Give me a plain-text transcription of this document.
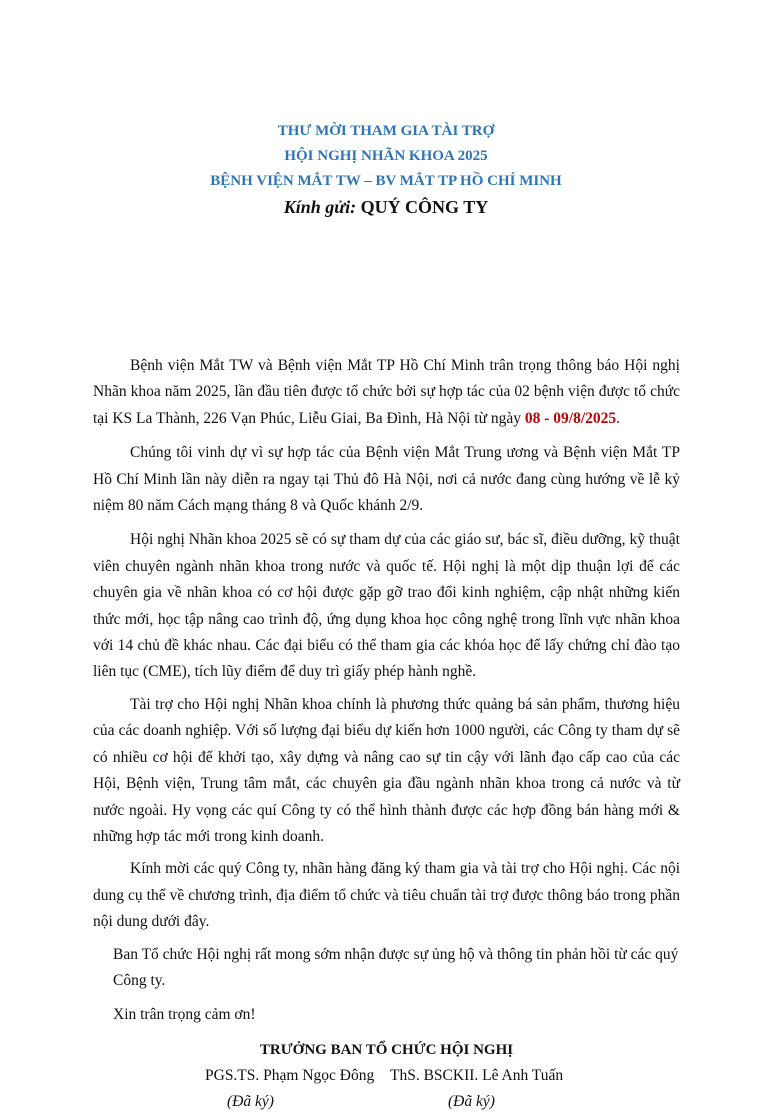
THƯ MỜI THAM GIA TÀI TRỢ
HỘI NGHỊ NHÃN KHOA 2025
BỆNH VIỆN MẮT TW – BV MẮT TP HỒ CHÍ MINH
Kính gửi: QUÝ CÔNG TY

Bệnh viện Mắt TW và Bệnh viện Mắt TP Hồ Chí Minh trân trọng thông báo Hội nghị Nhãn khoa năm 2025, lần đầu tiên được tổ chức bởi sự hợp tác của 02 bệnh viện được tổ chức tại KS La Thành, 226 Vạn Phúc, Liễu Giai, Ba Đình, Hà Nội từ ngày 08 - 09/8/2025.

Chúng tôi vinh dự vì sự hợp tác của Bệnh viện Mắt Trung ương và Bệnh viện Mắt TP Hồ Chí Minh lần này diễn ra ngay tại Thủ đô Hà Nội, nơi cả nước đang cùng hướng về lễ kỷ niệm 80 năm Cách mạng tháng 8 và Quốc khánh 2/9.

Hội nghị Nhãn khoa 2025 sẽ có sự tham dự của các giáo sư, bác sĩ, điều dưỡng, kỹ thuật viên chuyên ngành nhãn khoa trong nước và quốc tế. Hội nghị là một dịp thuận lợi để các chuyên gia về nhãn khoa có cơ hội được gặp gỡ trao đổi kinh nghiệm, cập nhật những kiến thức mới, học tập nâng cao trình độ, ứng dụng khoa học công nghệ trong lĩnh vực nhãn khoa với 14 chủ đề khác nhau. Các đại biểu có thể tham gia các khóa học để lấy chứng chỉ đào tạo liên tục (CME), tích lũy điểm để duy trì giấy phép hành nghề.

Tài trợ cho Hội nghị Nhãn khoa chính là phương thức quảng bá sản phẩm, thương hiệu của các doanh nghiệp. Với số lượng đại biểu dự kiến hơn 1000 người, các Công ty tham dự sẽ có nhiều cơ hội để khởi tạo, xây dựng và nâng cao sự tin cậy với lãnh đạo cấp cao của các Hội, Bệnh viện, Trung tâm mắt, các chuyên gia đầu ngành nhãn khoa trong cả nước và từ nước ngoài. Hy vọng các quí Công ty có thể hình thành được các hợp đồng bán hàng mới & những hợp tác mới trong kinh doanh.

Kính mời các quý Công ty, nhãn hàng đăng ký tham gia và tài trợ cho Hội nghị. Các nội dung cụ thể về chương trình, địa điểm tổ chức và tiêu chuẩn tài trợ được thông báo trong phần nội dung dưới đây.

Ban Tổ chức Hội nghị rất mong sớm nhận được sự ủng hộ và thông tin phản hồi từ các quý Công ty.

Xin trân trọng cảm ơn!

TRƯỞNG BAN TỔ CHỨC HỘI NGHỊ
PGS.TS. Phạm Ngọc Đông ThS. BSCKII. Lê Anh Tuấn
(Đã ký)	(Đã ký)
